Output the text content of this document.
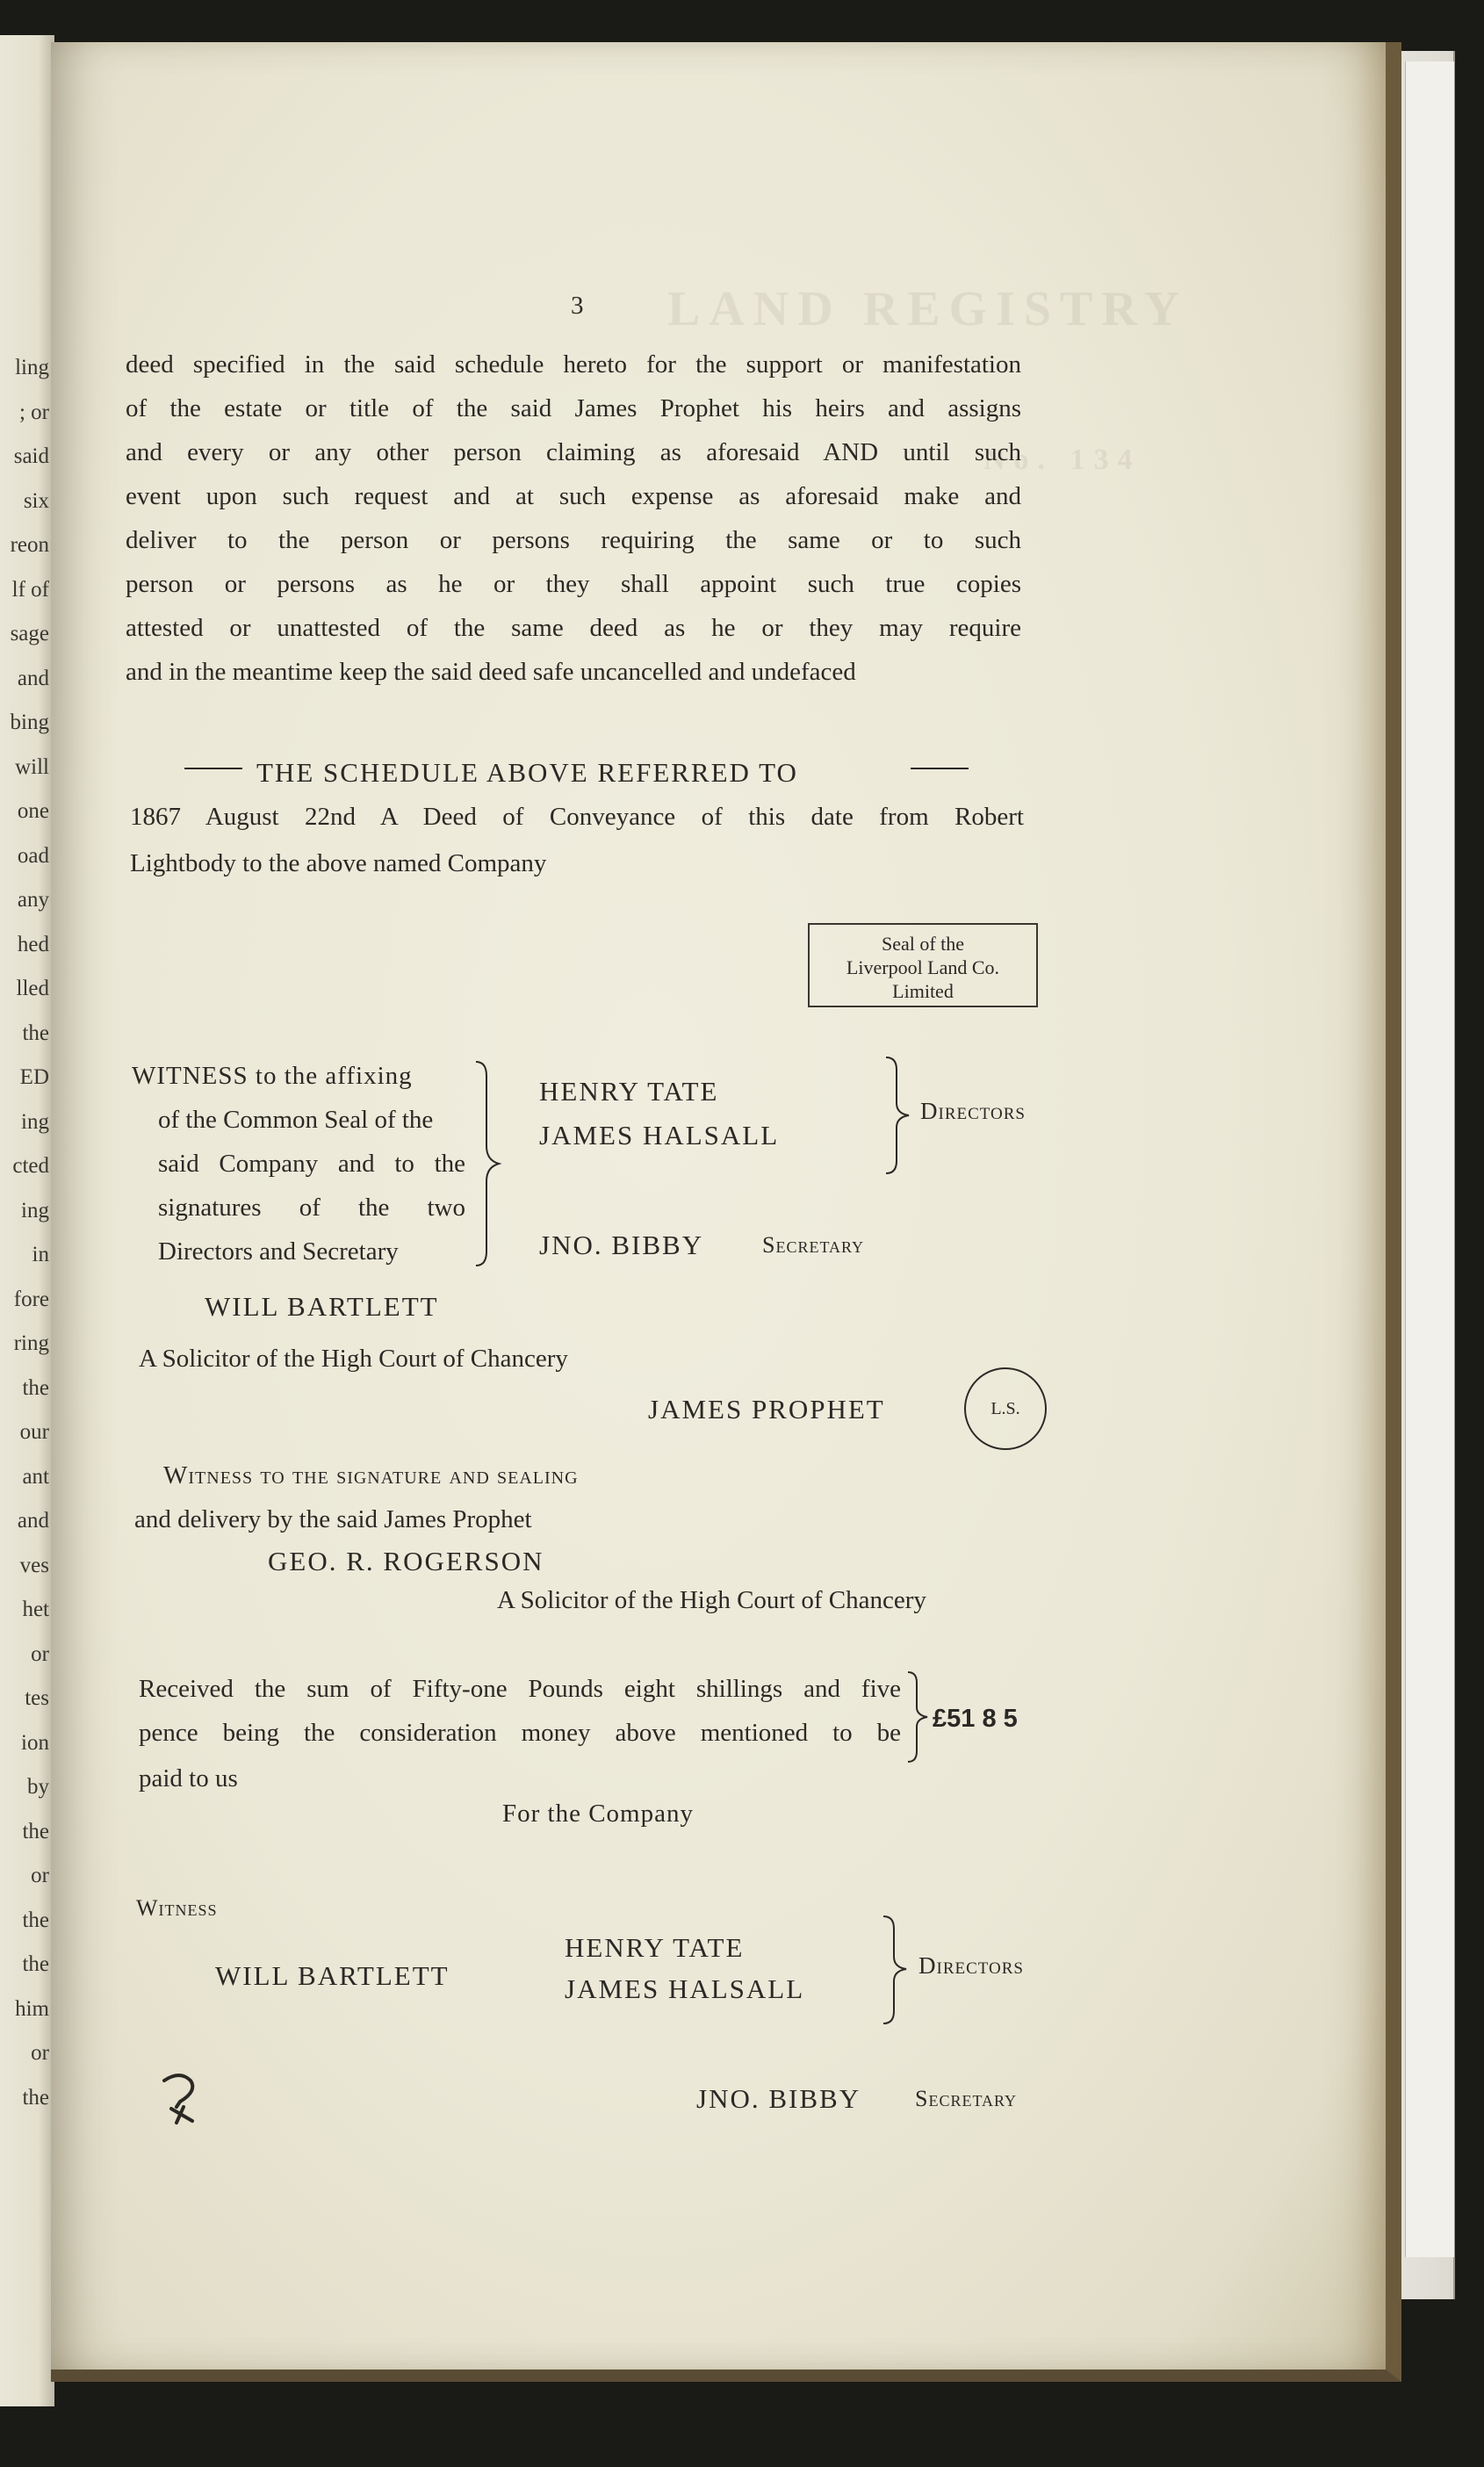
ling
; or
said
six
reon
lf of
sage
and
bing
will
one
oad
any
hed
lled
the
ED
ing
cted
ing
in
fore
ring
the
our
ant
and
ves
het
or
tes
ion
by
the
or
the
the
him
or
the
LAND REGISTRY
No. 134
3
deed specified in the said schedule hereto for the support or manifestation
of the estate or title of the said James Prophet his heirs and assigns
and every or any other person claiming as aforesaid AND until such
event upon such request and at such expense as aforesaid make and
deliver to the person or persons requiring the same or to such
person or persons as he or they shall appoint such true copies
attested or unattested of the same deed as he or they may require
and in the meantime keep the said deed safe uncancelled and undefaced
THE SCHEDULE ABOVE REFERRED TO
1867 August 22nd A Deed of Conveyance of this date from Robert
Lightbody to the above named Company
Seal of the
Liverpool Land Co.
Limited
WITNESS to the affixing
of the Common Seal of the
said Company and to the
signatures of the two
Directors and Secretary
HENRY TATE
JAMES HALSALL
Directors
JNO. BIBBY	Secretary
WILL BARTLETT
A Solicitor of the High Court of Chancery
JAMES PROPHET	L.S.
Witness to the signature and sealing
and delivery by the said James Prophet
GEO. R. ROGERSON
A Solicitor of the High Court of Chancery
Received the sum of Fifty-one Pounds eight shillings and five
pence being the consideration money above mentioned to be
paid to us
£51 8 5
For the Company
Witness
WILL BARTLETT
HENRY TATE
JAMES HALSALL
Directors
JNO. BIBBY Secretary
